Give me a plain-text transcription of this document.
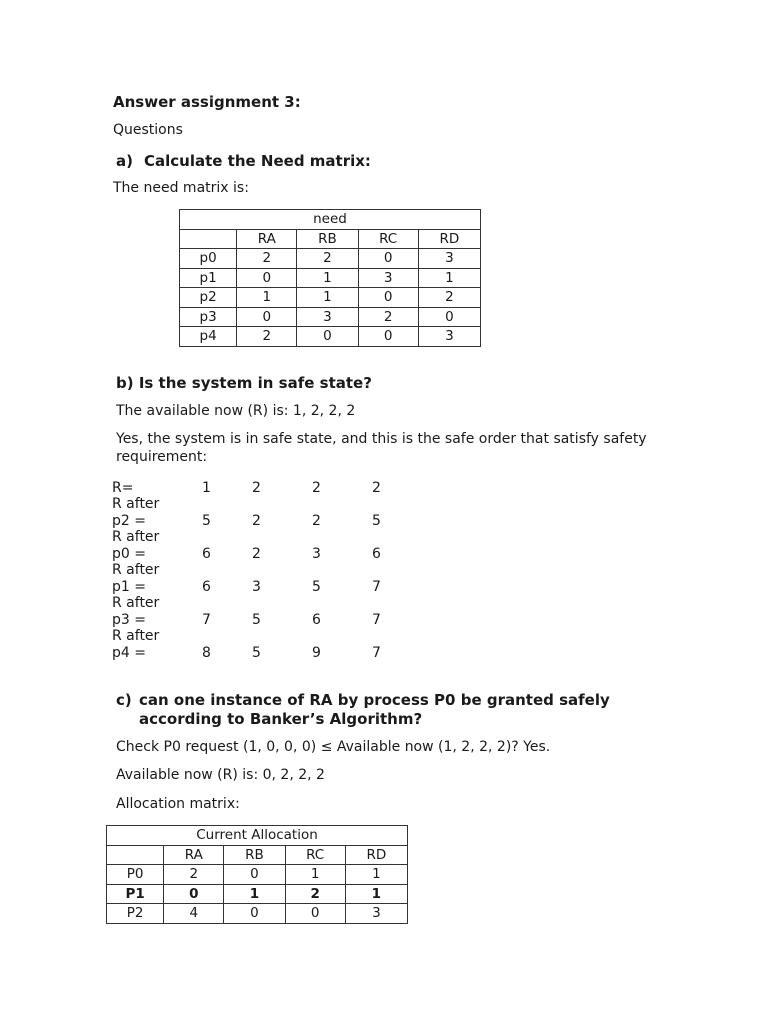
Answer assignment 3:
Questions
a) Calculate the Need matrix:
The need matrix is:
need				
	RA	RB	RC	RD
p0	2	2	0	3
p1	0	1	3	1
p2	1	1	0	2
p3	0	3	2	0
p4	2	0	0	3
b) Is the system in safe state?
The available now (R) is: 1, 2, 2, 2
Yes, the system is in safe state, and this is the safe order that satisfy safety
requirement:
R=	1	2	2	2
R after
p2 =	5	2	2	5
R after
p0 =	6	2	3	6
R after
p1 =	6	3	5	7
R after
p3 =	7	5	6	7
R after
p4 =	8	5	9	7
c) can one instance of RA by process P0 be granted safely
according to Banker’s Algorithm?
Check P0 request (1, 0, 0, 0) ≤ Available now (1, 2, 2, 2)? Yes.
Available now (R) is: 0, 2, 2, 2
Allocation matrix:
Current Allocation				
	RA	RB	RC	RD
P0	2	0	1	1
P1	0	1	2	1
P2	4	0	0	3
